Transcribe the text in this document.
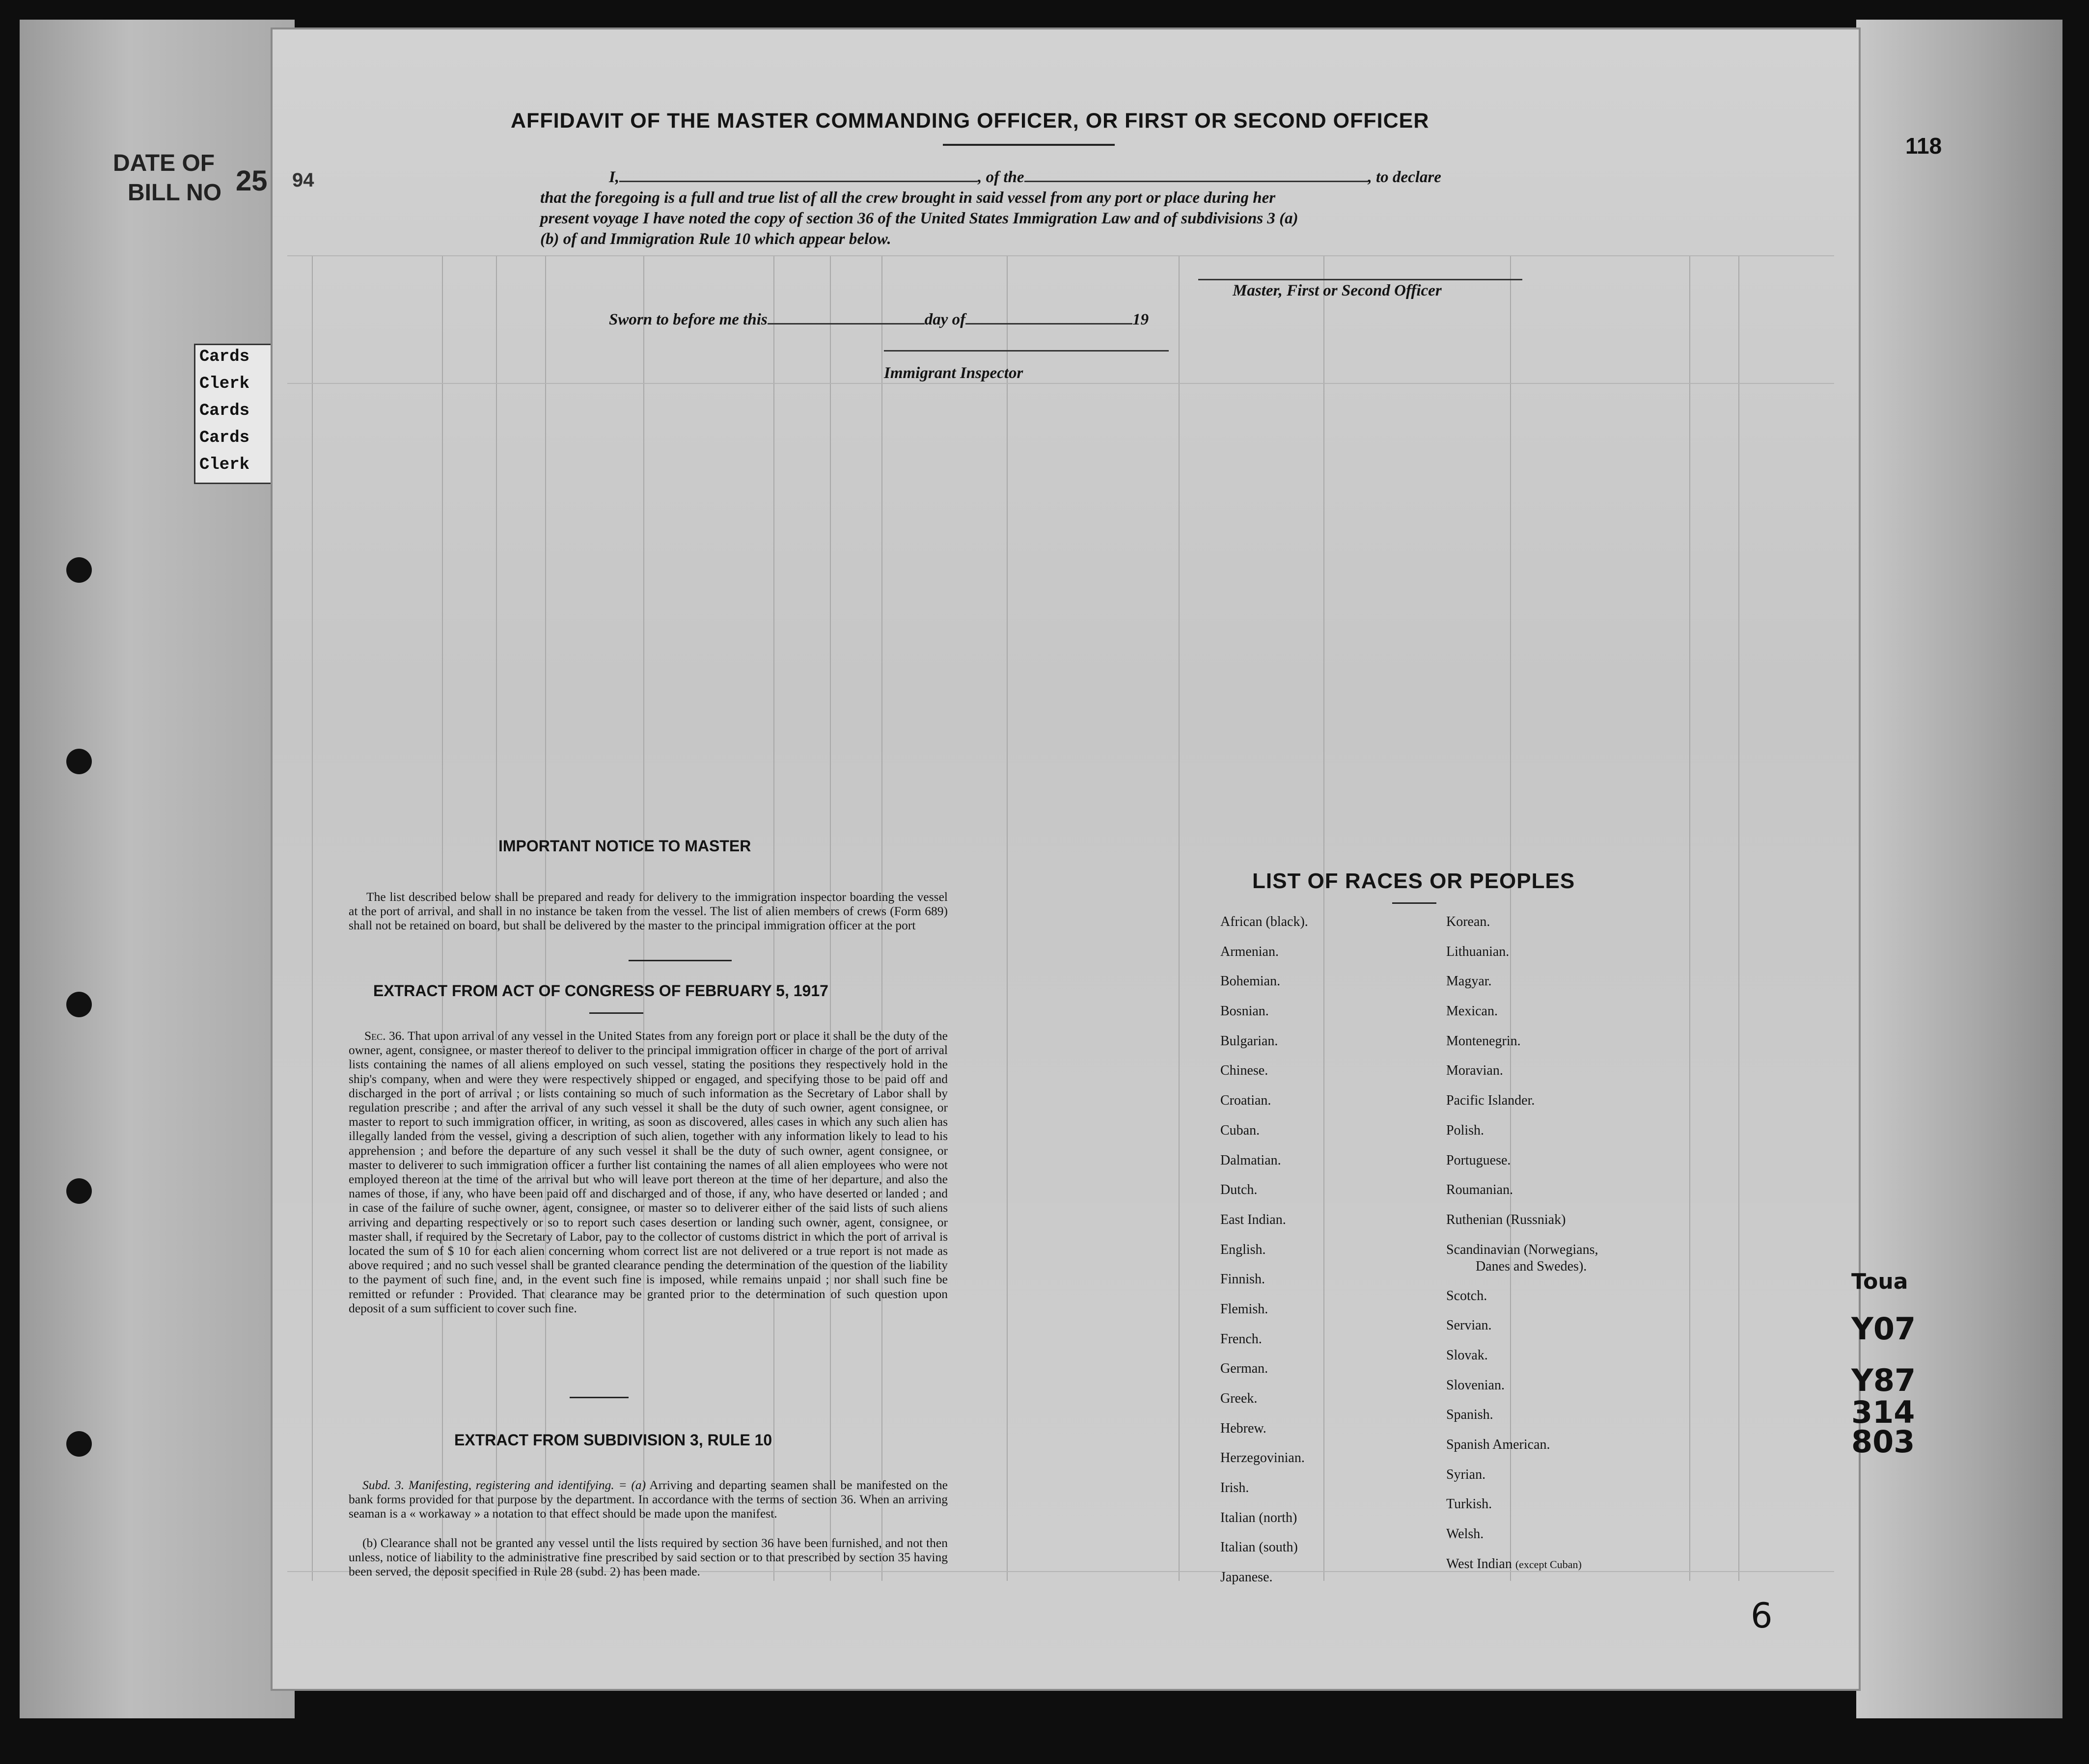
DATE OF
BILL NO 25
Cards
Clerk
Cards
Cards
Clerk
118
94
Toua
Y07
Y87
314
803
6
AFFIDAVIT OF THE MASTER COMMANDING OFFICER, OR FIRST OR SECOND OFFICER
I,	, of the	, to declare
that the foregoing is a full and true list of all the crew brought in said vessel from any port or place during her
present voyage I have noted the copy of section 36 of the United States Immigration Law and of subdivisions 3 (a)
(b) of and Immigration Rule 10 which appear below.
Master, First or Second Officer
Sworn to before me this	day of	19
Immigrant Inspector
IMPORTANT NOTICE TO MASTER
The list described below shall be prepared and ready for delivery to the immigration inspector boarding the vessel at the port of arrival, and shall in no instance be taken from the vessel. The list of alien members of crews (Form 689) shall not be retained on board, but shall be delivered by the master to the principal immigration officer at the port
EXTRACT FROM ACT OF CONGRESS OF FEBRUARY 5, 1917
Sec. 36. That upon arrival of any vessel in the United States from any foreign port or place it shall be the duty of the owner, agent, consignee, or master thereof to deliver to the principal immigration officer in charge of the port of arrival lists containing the names of all aliens employed on such vessel, stating the positions they respectively hold in the ship's company, when and were they were respectively shipped or engaged, and specifying those to be paid off and discharged in the port of arrival ; or lists containing so much of such information as the Secretary of Labor shall by regulation prescribe ; and after the arrival of any such vessel it shall be the duty of such owner, agent consignee, or master to report to such immigration officer, in writing, as soon as discovered, alles cases in which any such alien has illegally landed from the vessel, giving a description of such alien, together with any information likely to lead to his apprehension ; and before the departure of any such vessel it shall be the duty of such owner, agent consignee, or master to deliverer to such immigration officer a further list containing the names of all alien employees who were not employed thereon at the time of the arrival but who will leave port thereon at the time of her departure, and also the names of those, if any, who have been paid off and discharged and of those, if any, who have deserted or landed ; and in case of the failure of suche owner, agent, consignee, or master so to deliverer either of the said lists of such aliens arriving and departing respectively or so to report such cases desertion or landing such owner, agent, consignee, or master shall, if required by the Secretary of Labor, pay to the collector of customs district in which the port of arrival is located the sum of $ 10 for each alien concerning whom correct list are not delivered or a true report is not made as above required ; and no such vessel shall be granted clearance pending the determination of the question of the liability to the payment of such fine, and, in the event such fine is imposed, while remains unpaid ; nor shall such fine be remitted or refunder : Provided. That clearance may be granted prior to the determination of such question upon deposit of a sum sufficient to cover such fine.
EXTRACT FROM SUBDIVISION 3, RULE 10
Subd. 3. Manifesting, registering and identifying. = (a) Arriving and departing seamen shall be manifested on the bank forms provided for that purpose by the department. In accordance with the terms of section 36. When an arriving seaman is a « workaway » a notation to that effect should be made upon the manifest.
(b) Clearance shall not be granted any vessel until the lists required by section 36 have been furnished, and not then unless, notice of liability to the administrative fine prescribed by said section or to that prescribed by section 35 having been served, the deposit specified in Rule 28 (subd. 2) has been made.
LIST OF RACES OR PEOPLES
African (black).
Armenian.
Bohemian.
Bosnian.
Bulgarian.
Chinese.
Croatian.
Cuban.
Dalmatian.
Dutch.
East Indian.
English.
Finnish.
Flemish.
French.
German.
Greek.
Hebrew.
Herzegovinian.
Irish.
Italian (north)
Italian (south)
Japanese.
Korean.
Lithuanian.
Magyar.
Mexican.
Montenegrin.
Moravian.
Pacific Islander.
Polish.
Portuguese.
Roumanian.
Ruthenian (Russniak)
Scandinavian (Norwegians,
Danes and Swedes).
Scotch.
Servian.
Slovak.
Slovenian.
Spanish.
Spanish American.
Syrian.
Turkish.
Welsh.
West Indian (except Cuban)
